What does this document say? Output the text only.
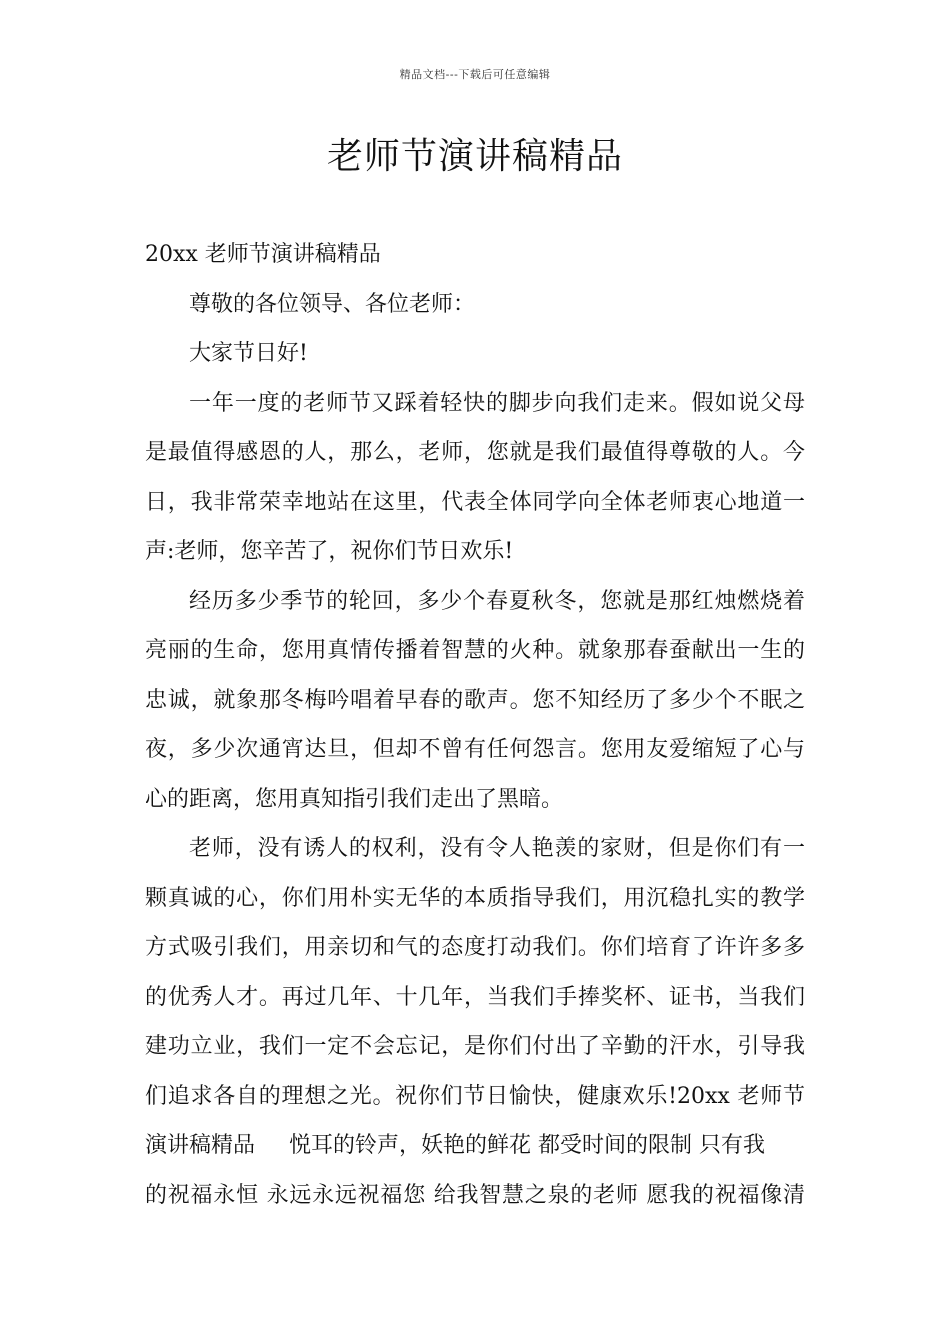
精品文档---下载后可任意编辑
老师节演讲稿精品

20xx 老师节演讲稿精品

尊敬的各位领导、各位老师：

大家节日好!

一年一度的老师节又踩着轻快的脚步向我们走来。假如说父母
是最值得感恩的人，那么，老师，您就是我们最值得尊敬的人。今
日，我非常荣幸地站在这里，代表全体同学向全体老师衷心地道一
声:老师，您辛苦了，祝你们节日欢乐!
经历多少季节的轮回，多少个春夏秋冬，您就是那红烛燃烧着
亮丽的生命，您用真情传播着智慧的火种。就象那春蚕献出一生的
忠诚，就象那冬梅吟唱着早春的歌声。您不知经历了多少个不眠之
夜，多少次通宵达旦，但却不曾有任何怨言。您用友爱缩短了心与
心的距离，您用真知指引我们走出了黑暗。
老师，没有诱人的权利，没有令人艳羡的家财，但是你们有一
颗真诚的心，你们用朴实无华的本质指导我们，用沉稳扎实的教学
方式吸引我们，用亲切和气的态度打动我们。你们培育了许许多多
的优秀人才。再过几年、十几年，当我们手捧奖杯、证书，当我们
建功立业，我们一定不会忘记，是你们付出了辛勤的汗水，引导我
们追求各自的理想之光。祝你们节日愉快，健康欢乐!20xx 老师节
演讲稿精品 悦耳的铃声，妖艳的鲜花 都受时间的限制 只有我
的祝福永恒 永远永远祝福您 给我智慧之泉的老师 愿我的祝福像清
